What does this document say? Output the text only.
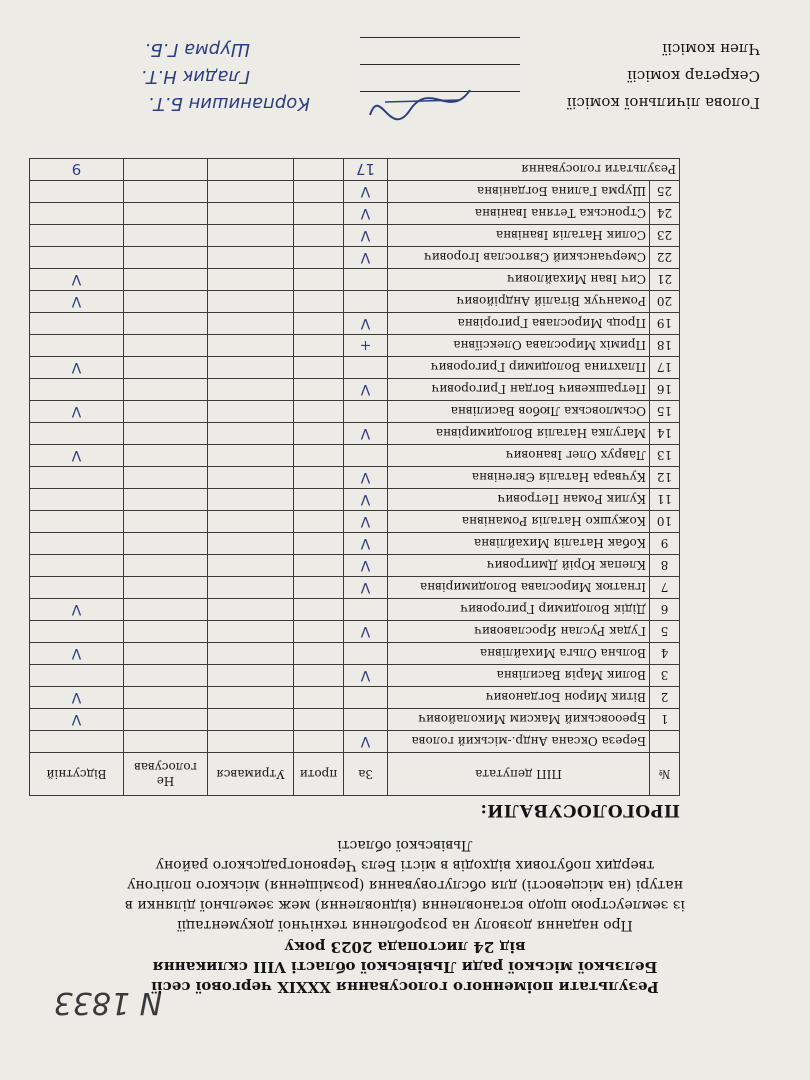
N 1833
Результати поіменного голосування XXXIX чергової сесії
Белзької міської ради Львівської області VIII скликання
від 24 листопада 2023 року
Про надання дозволу на розроблення технічної документації
із землеустрою щодо встановлення (відновлення) меж земельної ділянки в
натурі (на місцевості) для обслуговування (розміщення) міського полігону
твердих побутових відходів в місті Белз Червоноградського району
Львівської області
ПРОГОЛОСУВАЛИ:
№	ПІП депутата	За	проти	Утримався	Не голосував	Відсутній
	Береза Оксана Андр.-міський голова	V				
1	Бреоовський Максим Миколайович					V
2	Вітик Мирон Богданович					V
3	Волик Марія Василівна	V				
4	Вольна Ольга Михайлівна					V
5	Гудак Руслан Ярославович	V				
6	Дідік Володимир Григорович					V
7	Ігнатюк Мирослава Володимирівна	V				
8	Клепак Юрій Дмитрович	V				
9	Кобак Наталія Михайлівна	V				
10	Кожушко Наталія Романівна	V				
11	Кулик Роман Петрович	V				
12	Кучвара Наталія Євгенівна	V				
13	Лаврух Олег Іванович					V
14	Магулка Наталія Володимирівна	V				
15	Осьмловська Любов Василівна					V
16	Петрашкевич Богдан Григорович	V				
17	Плахтина Володимир Григорович					V
18	Приміх Мирослава Олексіївна	+				
19	Проць Мирослава Григорівна	V				
20	Романчук Віталій Андрійович					V
21	Сич Іван Михайлович					V
22	Смерчанський Святослав Ігорович	V				
23	Солик Наталія Іванівна	V				
24	Стронська Тетяна Іванівна	V				
25	Шурма Галина Богданівна	V				
Результати голосування		17				9
Голова лічильної комісії
Корпанишин Б.Т.
Секретар комісії
Гладик Н.Т.
Член комісії
Шурма Г.Б.
